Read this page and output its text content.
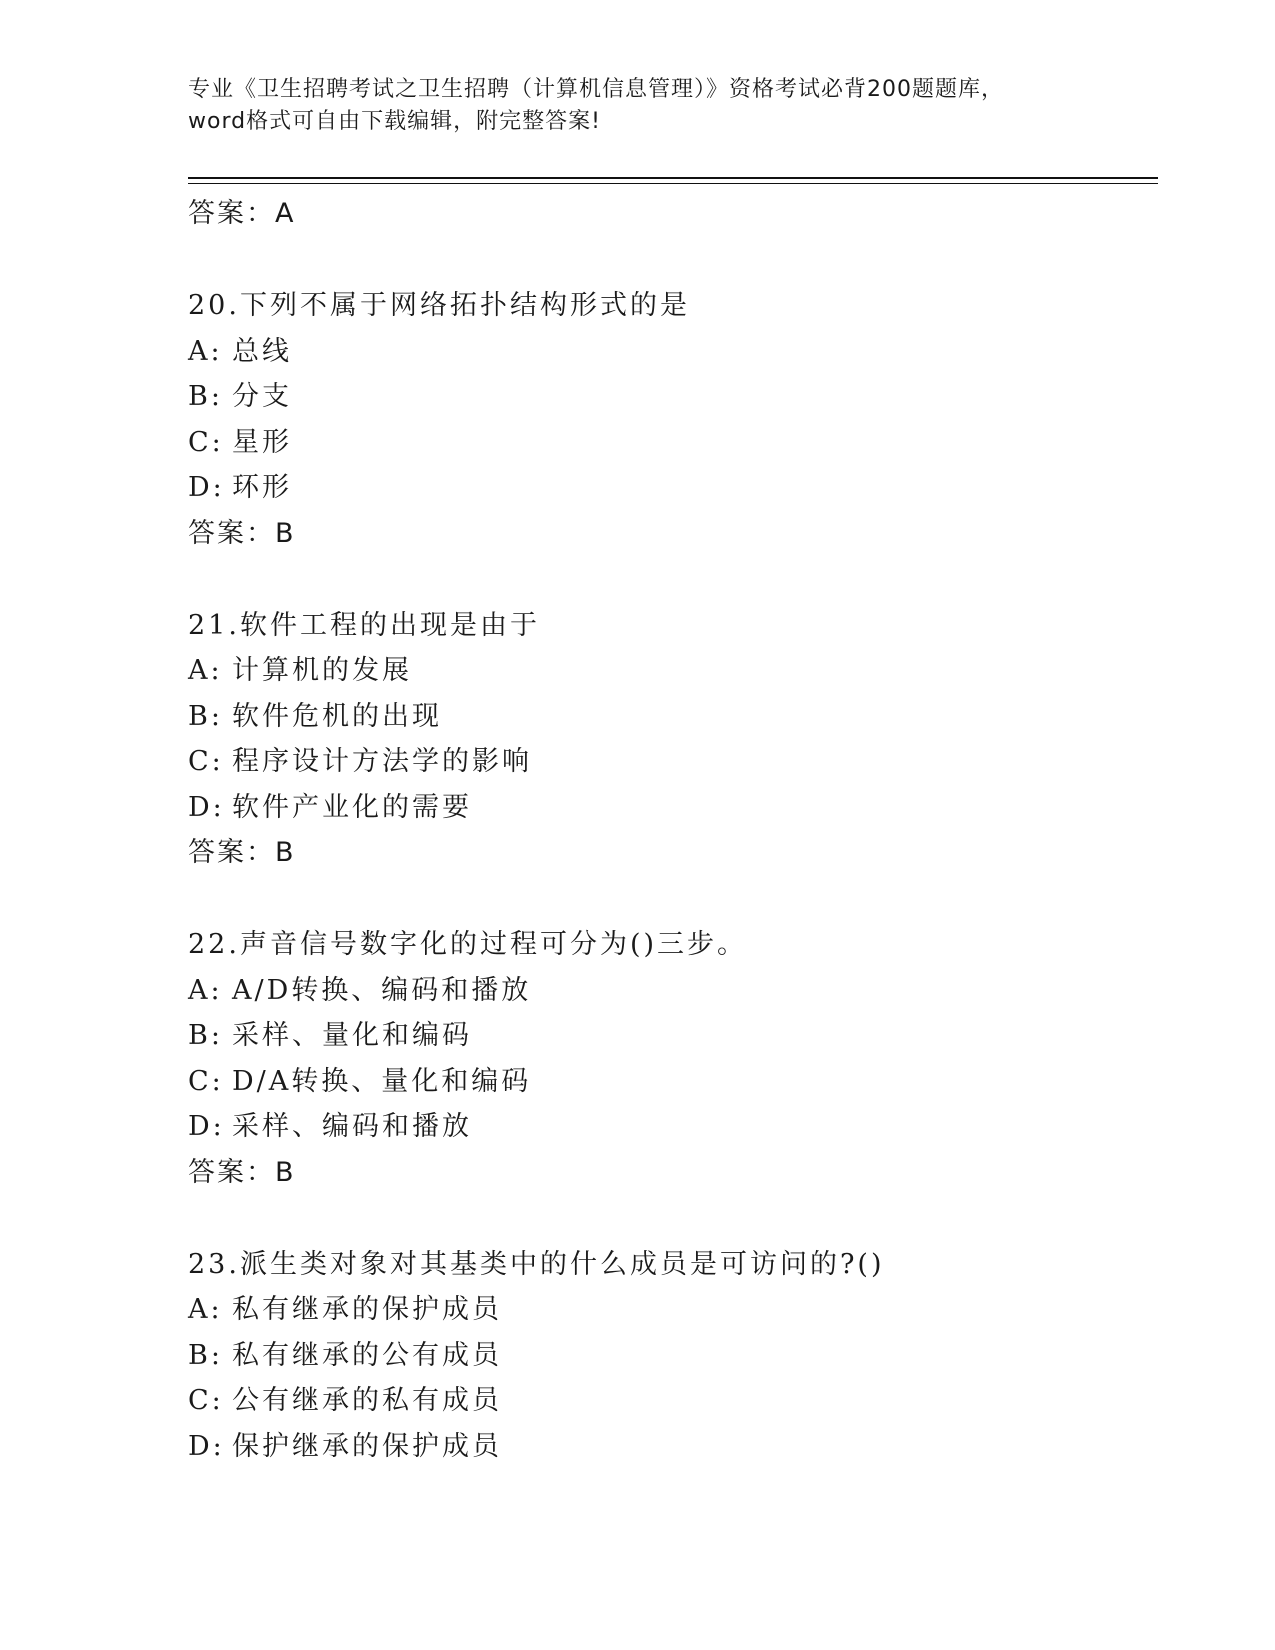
专业《卫生招聘考试之卫生招聘（计算机信息管理）》资格考试必背200题题库，
word格式可自由下载编辑，附完整答案!
答案：A
20.下列不属于网络拓扑结构形式的是
A: 总线
B: 分支
C: 星形
D: 环形
答案：B
21.软件工程的出现是由于
A: 计算机的发展
B: 软件危机的出现
C: 程序设计方法学的影响
D: 软件产业化的需要
答案：B
22.声音信号数字化的过程可分为()三步。
A: A/D转换、编码和播放
B: 采样、量化和编码
C: D/A转换、量化和编码
D: 采样、编码和播放
答案：B
23.派生类对象对其基类中的什么成员是可访问的?()
A: 私有继承的保护成员
B: 私有继承的公有成员
C: 公有继承的私有成员
D: 保护继承的保护成员
